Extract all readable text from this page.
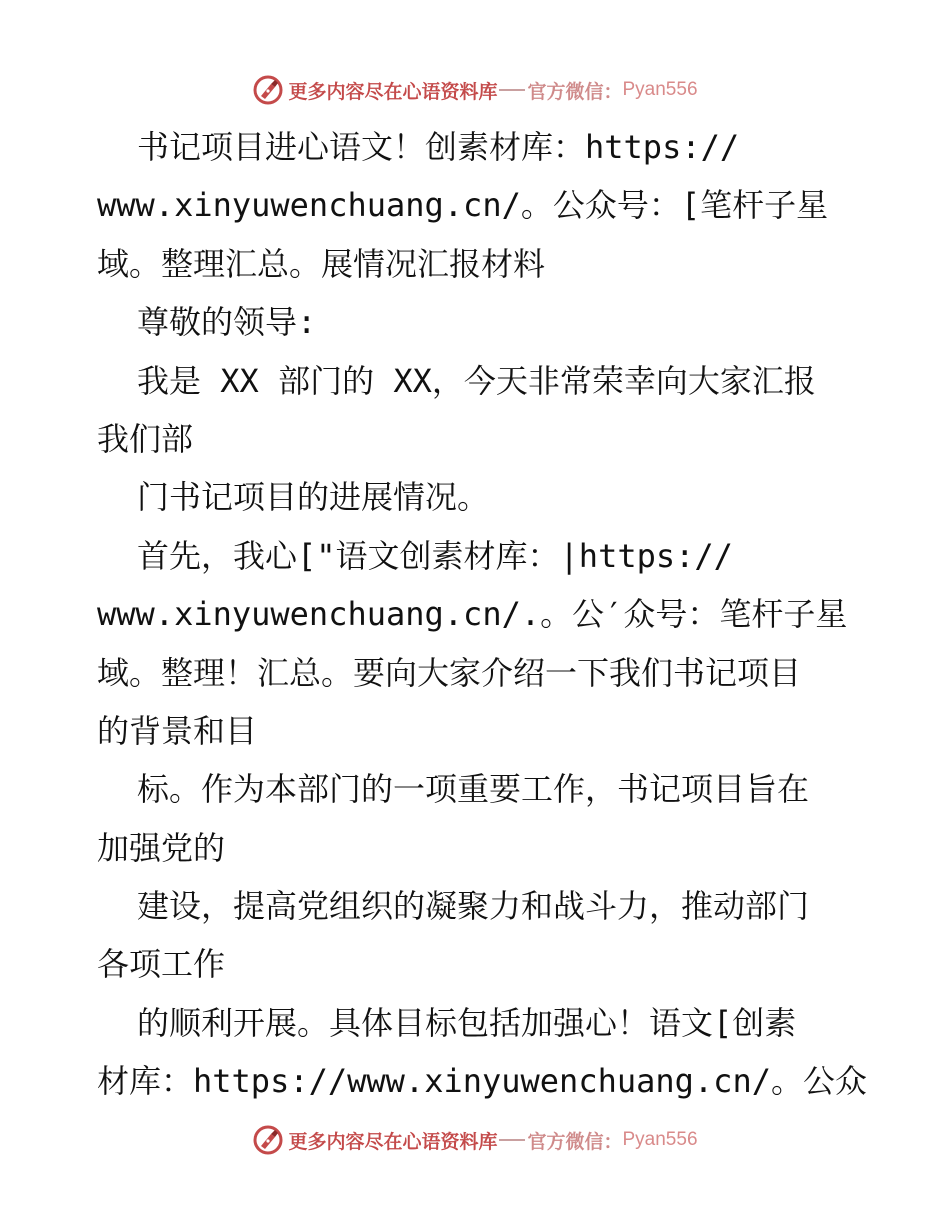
更多内容尽在心语资料库 官方微信： Pyan556
书记项目进心语文！创素材库：https://
www.xinyuwenchuang.cn/。公众号：[笔杆子星
域。整理汇总。展情况汇报材料
尊敬的领导:
我是 XX 部门的 XX，今天非常荣幸向大家汇报
我们部
门书记项目的进展情况。
首先，我心["语文创素材库：|https://
www.xinyuwenchuang.cn/.。公′众号：笔杆子星
域。整理！汇总。要向大家介绍一下我们书记项目
的背景和目
标。作为本部门的一项重要工作，书记项目旨在
加强党的
建设，提高党组织的凝聚力和战斗力，推动部门
各项工作
的顺利开展。具体目标包括加强心！语文[创素
材库：https://www.xinyuwenchuang.cn/。公众
更多内容尽在心语资料库 官方微信： Pyan556
